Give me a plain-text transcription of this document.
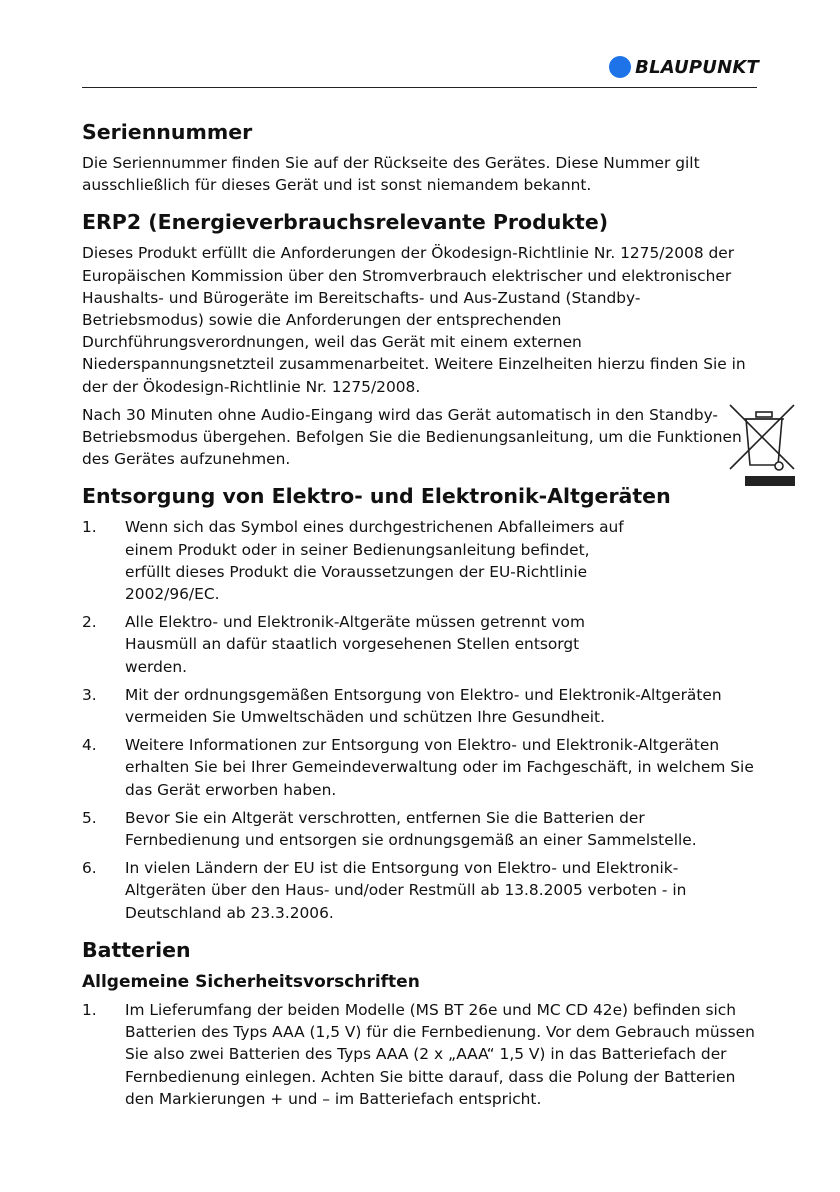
BLAUPUNKT
Seriennummer

Die Seriennummer finden Sie auf der Rückseite des Gerätes. Diese Nummer gilt ausschließlich für dieses Gerät und ist sonst niemandem bekannt.

ERP2 (Energieverbrauchsrelevante Produkte)

Dieses Produkt erfüllt die Anforderungen der Ökodesign-Richtlinie Nr. 1275/2008 der Europäischen Kommission über den Stromverbrauch elektrischer und elektronischer Haushalts- und Bürogeräte im Bereitschafts- und Aus-Zustand (Standby-Betriebsmodus) sowie die Anforderungen der entsprechenden Durchführungsverordnungen, weil das Gerät mit einem externen Niederspannungsnetzteil zusammenarbeitet. Weitere Einzelheiten hierzu finden Sie in der der Ökodesign-Richtlinie Nr. 1275/2008.

Nach 30 Minuten ohne Audio-Eingang wird das Gerät automatisch in den Standby-Betriebsmodus übergehen. Befolgen Sie die Bedienungsanleitung, um die Funktionen des Gerätes aufzunehmen.

Entsorgung von Elektro- und Elektronik-Altgeräten
1.	Wenn sich das Symbol eines durchgestrichenen Abfalleimers auf einem Produkt oder in seiner Bedienungsanleitung befindet, erfüllt dieses Produkt die Voraussetzungen der EU-Richtlinie 2002/96/EC.
2.	Alle Elektro- und Elektronik-Altgeräte müssen getrennt vom Hausmüll an dafür staatlich vorgesehenen Stellen entsorgt werden.
3.	Mit der ordnungsgemäßen Entsorgung von Elektro- und Elektronik-Altgeräten vermeiden Sie Umweltschäden und schützen Ihre Gesundheit.
4.	Weitere Informationen zur Entsorgung von Elektro- und Elektronik-Altgeräten erhalten Sie bei Ihrer Gemeindeverwaltung oder im Fachgeschäft, in welchem Sie das Gerät erworben haben.
5.	Bevor Sie ein Altgerät verschrotten, entfernen Sie die Batterien der Fernbedienung und entsorgen sie ordnungsgemäß an einer Sammelstelle.
6.	In vielen Ländern der EU ist die Entsorgung von Elektro- und Elektronik-Altgeräten über den Haus- und/oder Restmüll ab 13.8.2005 verboten - in Deutschland ab 23.3.2006.
Batterien
Allgemeine Sicherheitsvorschriften
1.	Im Lieferumfang der beiden Modelle (MS BT 26e und MC CD 42e) befinden sich Batterien des Typs AAA (1,5 V) für die Fernbedienung. Vor dem Gebrauch müssen Sie also zwei Batterien des Typs AAA (2 x „AAA“ 1,5 V) in das Batteriefach der Fernbedienung einlegen. Achten Sie bitte darauf, dass die Polung der Batterien den Markierungen + und – im Batteriefach entspricht.
